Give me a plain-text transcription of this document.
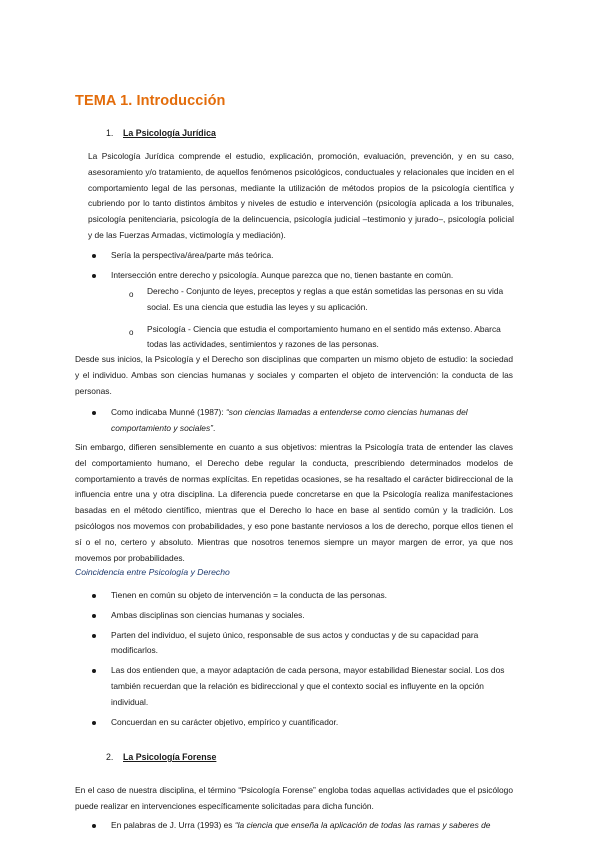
TEMA 1. Introducción
1. La Psicología Jurídica

La Psicología Jurídica comprende el estudio, explicación, promoción, evaluación, prevención, y en su caso, asesoramiento y/o tratamiento, de aquellos fenómenos psicológicos, conductuales y relacionales que inciden en el comportamiento legal de las personas, mediante la utilización de métodos propios de la psicología científica y cubriendo por lo tanto distintos ámbitos y niveles de estudio e intervención (psicología aplicada a los tribunales, psicología penitenciaria, psicología de la delincuencia, psicología judicial –testimonio y jurado–, psicología policial y de las Fuerzas Armadas, victimología y mediación).

Sería la perspectiva/área/parte más teórica.
Intersección entre derecho y psicología. Aunque parezca que no, tienen bastante en común.
o Derecho - Conjunto de leyes, preceptos y reglas a que están sometidas las personas en su vida social. Es una ciencia que estudia las leyes y su aplicación.
o Psicología - Ciencia que estudia el comportamiento humano en el sentido más extenso. Abarca todas las actividades, sentimientos y razones de las personas.

Desde sus inicios, la Psicología y el Derecho son disciplinas que comparten un mismo objeto de estudio: la sociedad y el individuo. Ambas son ciencias humanas y sociales y comparten el objeto de intervención: la conducta de las personas.

Como indicaba Munné (1987): “son ciencias llamadas a entenderse como ciencias humanas del comportamiento y sociales”.

Sin embargo, difieren sensiblemente en cuanto a sus objetivos: mientras la Psicología trata de entender las claves del comportamiento humano, el Derecho debe regular la conducta, prescribiendo determinados modelos de comportamiento a través de normas explícitas. En repetidas ocasiones, se ha resaltado el carácter bidireccional de la influencia entre una y otra disciplina. La diferencia puede concretarse en que la Psicología realiza manifestaciones basadas en el método científico, mientras que el Derecho lo hace en base al sentido común y la tradición. Los psicólogos nos movemos con probabilidades, y eso pone bastante nerviosos a los de derecho, porque ellos tienen el sí o el no, certero y absoluto. Mientras que nosotros tenemos siempre un mayor margen de error, ya que nos movemos por probabilidades.

Coincidencia entre Psicología y Derecho
Tienen en común su objeto de intervención = la conducta de las personas.
Ambas disciplinas son ciencias humanas y sociales.
Parten del individuo, el sujeto único, responsable de sus actos y conductas y de su capacidad para modificarlos.
Las dos entienden que, a mayor adaptación de cada persona, mayor estabilidad Bienestar social. Los dos también recuerdan que la relación es bidireccional y que el contexto social es influyente en la opción individual.
Concuerdan en su carácter objetivo, empírico y cuantificador.
2. La Psicología Forense

En el caso de nuestra disciplina, el término “Psicología Forense” engloba todas aquellas actividades que el psicólogo puede realizar en intervenciones específicamente solicitadas para dicha función.

En palabras de J. Urra (1993) es “la ciencia que enseña la aplicación de todas las ramas y saberes de
